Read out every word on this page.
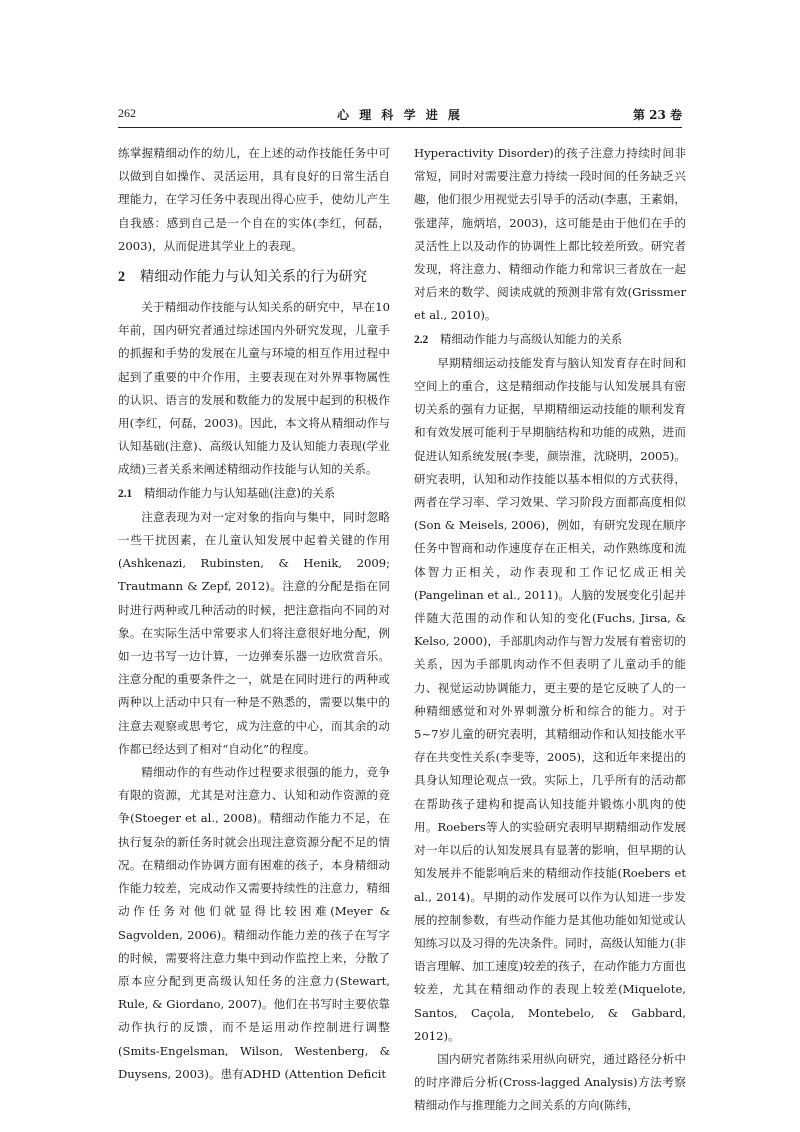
262	心 理 科 学 进 展	第 23 卷

练掌握精细动作的幼儿，在上述的动作技能任务中可以做到自如操作、灵活运用，具有良好的日常生活自理能力，在学习任务中表现出得心应手，使幼儿产生自我感：感到自己是一个自在的实体(李红，何磊，2003)，从而促进其学业上的表现。

2 精细动作能力与认知关系的行为研究

关于精细动作技能与认知关系的研究中，早在10年前，国内研究者通过综述国内外研究发现，儿童手的抓握和手势的发展在儿童与环境的相互作用过程中起到了重要的中介作用，主要表现在对外界事物属性的认识、语言的发展和数能力的发展中起到的积极作用(李红，何磊，2003)。因此，本文将从精细动作与认知基础(注意)、高级认知能力及认知能力表现(学业成绩)三者关系来阐述精细动作技能与认知的关系。

2.1 精细动作能力与认知基础(注意)的关系

注意表现为对一定对象的指向与集中，同时忽略一些干扰因素，在儿童认知发展中起着关键的作用(Ashkenazi, Rubinsten, & Henik, 2009; Trautmann & Zepf, 2012)。注意的分配是指在同时进行两种或几种活动的时候，把注意指向不同的对象。在实际生活中常要求人们将注意很好地分配，例如一边书写一边计算，一边弹奏乐器一边欣赏音乐。注意分配的重要条件之一，就是在同时进行的两种或两种以上活动中只有一种是不熟悉的，需要以集中的注意去观察或思考它，成为注意的中心，而其余的动作都已经达到了相对“自动化”的程度。

精细动作的有些动作过程要求很强的能力，竞争有限的资源，尤其是对注意力、认知和动作资源的竞争(Stoeger et al., 2008)。精细动作能力不足，在执行复杂的新任务时就会出现注意资源分配不足的情况。在精细动作协调方面有困难的孩子，本身精细动作能力较差，完成动作又需要持续性的注意力，精细动作任务对他们就显得比较困难(Meyer & Sagvolden, 2006)。精细动作能力差的孩子在写字的时候，需要将注意力集中到动作监控上来，分散了原本应分配到更高级认知任务的注意力(Stewart, Rule, & Giordano, 2007)。他们在书写时主要依靠动作执行的反馈，而不是运用动作控制进行调整(Smits-Engelsman, Wilson, Westenberg, & Duysens, 2003)。患有ADHD (Attention Deficit

Hyperactivity Disorder)的孩子注意力持续时间非常短，同时对需要注意力持续一段时间的任务缺乏兴趣，他们很少用视觉去引导手的活动(李惠，王素娟，张建萍，施炳培，2003)，这可能是由于他们在手的灵活性上以及动作的协调性上都比较差所致。研究者发现，将注意力、精细动作能力和常识三者放在一起对后来的数学、阅读成就的预测非常有效(Grissmer et al., 2010)。

2.2 精细动作能力与高级认知能力的关系

早期精细运动技能发育与脑认知发育存在时间和空间上的重合，这是精细动作技能与认知发展具有密切关系的强有力证据，早期精细运动技能的顺利发育和有效发展可能利于早期脑结构和功能的成熟，进而促进认知系统发展(李斐，颜崇淮，沈晓明，2005)。研究表明，认知和动作技能以基本相似的方式获得，两者在学习率、学习效果、学习阶段方面都高度相似(Son & Meisels, 2006)，例如，有研究发现在顺序任务中智商和动作速度存在正相关，动作熟练度和流体智力正相关，动作表现和工作记忆成正相关(Pangelinan et al., 2011)。人脑的发展变化引起并伴随大范围的动作和认知的变化(Fuchs, Jirsa, & Kelso, 2000)，手部肌肉动作与智力发展有着密切的关系，因为手部肌肉动作不但表明了儿童动手的能力、视觉运动协调能力，更主要的是它反映了人的一种精细感觉和对外界刺激分析和综合的能力。对于5~7岁儿童的研究表明，其精细动作和认知技能水平存在共变性关系(李斐等，2005)，这和近年来提出的具身认知理论观点一致。实际上，几乎所有的活动都在帮助孩子建构和提高认知技能并锻炼小肌肉的使用。Roebers等人的实验研究表明早期精细动作发展对一年以后的认知发展具有显著的影响，但早期的认知发展并不能影响后来的精细动作技能(Roebers et al., 2014)。早期的动作发展可以作为认知进一步发展的控制参数，有些动作能力是其他功能如知觉或认知练习以及习得的先决条件。同时，高级认知能力(非语言理解、加工速度)较差的孩子，在动作能力方面也较差，尤其在精细动作的表现上较差(Miquelote, Santos, Caçola, Montebelo, & Gabbard, 2012)。

国内研究者陈纬采用纵向研究，通过路径分析中的时序滞后分析(Cross-lagged Analysis)方法考察精细动作与推理能力之间关系的方向(陈纬，
